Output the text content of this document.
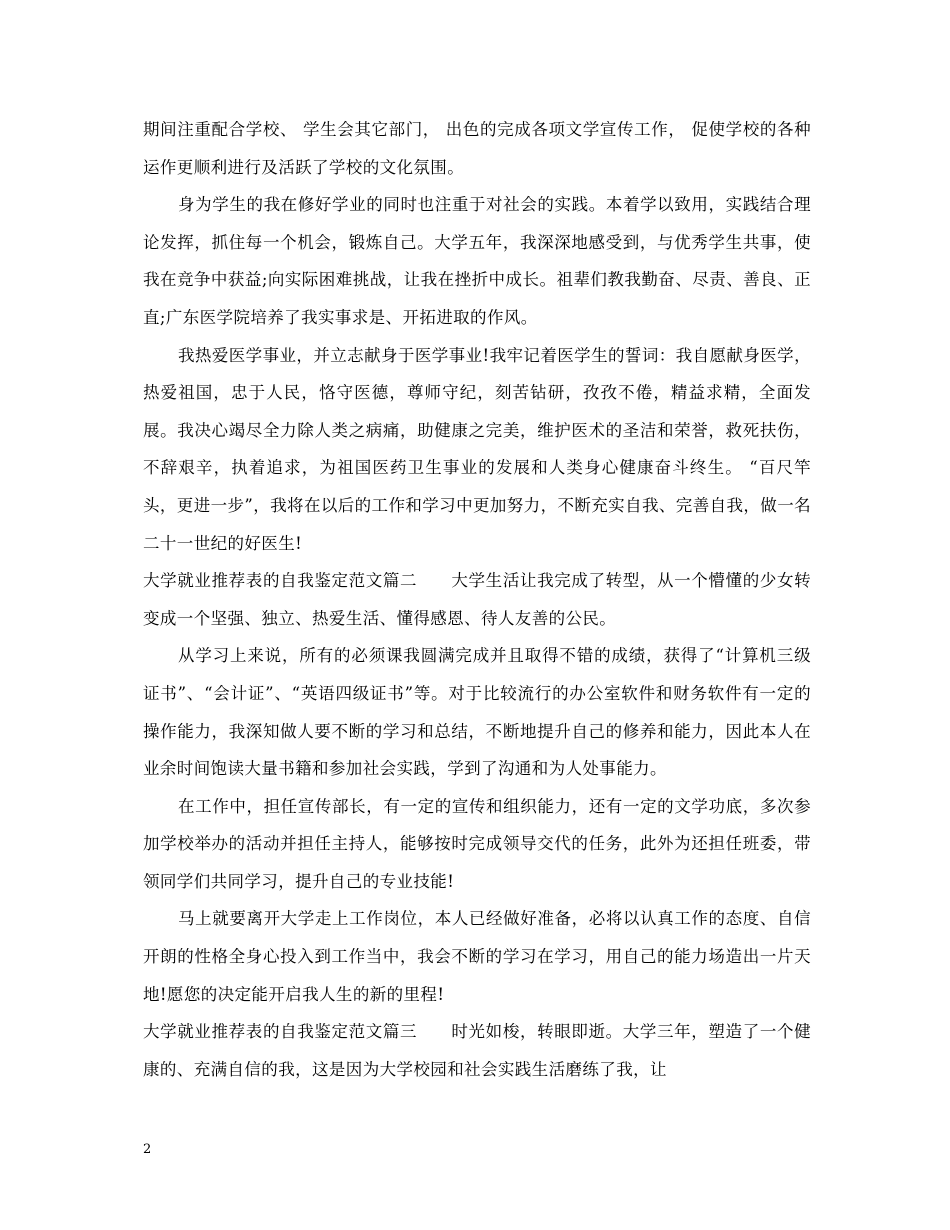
期间注重配合学校、 学生会其它部门， 出色的完成各项文学宣传工作， 促使学校的各种运作更顺利进行及活跃了学校的文化氛围。

身为学生的我在修好学业的同时也注重于对社会的实践。本着学以致用，实践结合理论发挥，抓住每一个机会，锻炼自己。大学五年，我深深地感受到，与优秀学生共事，使 我在竞争中获益;向实际困难挑战，让我在挫折中成长。祖辈们教我勤奋、尽责、善良、正 直;广东医学院培养了我实事求是、开拓进取的作风。

我热爱医学事业，并立志献身于医学事业!我牢记着医学生的誓词：我自愿献身医学，热爱祖国，忠于人民，恪守医德，尊师守纪，刻苦钻研，孜孜不倦，精益求精，全面发 展。我决心竭尽全力除人类之病痛，助健康之完美，维护医术的圣洁和荣誉，救死扶伤，不辞艰辛，执着追求，为祖国医药卫生事业的发展和人类身心健康奋斗终生。 “百尺竿头，更进一步”，我将在以后的工作和学习中更加努力，不断充实自我、完善自我，做一名二十一世纪的好医生!

大学就业推荐表的自我鉴定范文篇二　　大学生活让我完成了转型，从一个懵懂的少女转变成一个坚强、独立、热爱生活、懂得感恩、待人友善的公民。

从学习上来说，所有的必须课我圆满完成并且取得不错的成绩，获得了“计算机三级证书”、“会计证”、“英语四级证书”等。对于比较流行的办公室软件和财务软件有一定的操作能力，我深知做人要不断的学习和总结，不断地提升自己的修养和能力，因此本人在业余时间饱读大量书籍和参加社会实践，学到了沟通和为人处事能力。

在工作中，担任宣传部长，有一定的宣传和组织能力，还有一定的文学功底，多次参加学校举办的活动并担任主持人，能够按时完成领导交代的任务，此外为还担任班委，带领同学们共同学习，提升自己的专业技能!

马上就要离开大学走上工作岗位，本人已经做好准备，必将以认真工作的态度、自信开朗的性格全身心投入到工作当中，我会不断的学习在学习，用自己的能力场造出一片天地!愿您的决定能开启我人生的新的里程!

大学就业推荐表的自我鉴定范文篇三　　时光如梭，转眼即逝。大学三年，塑造了一个健康的、充满自信的我，这是因为大学校园和社会实践生活磨练了我，让

2
